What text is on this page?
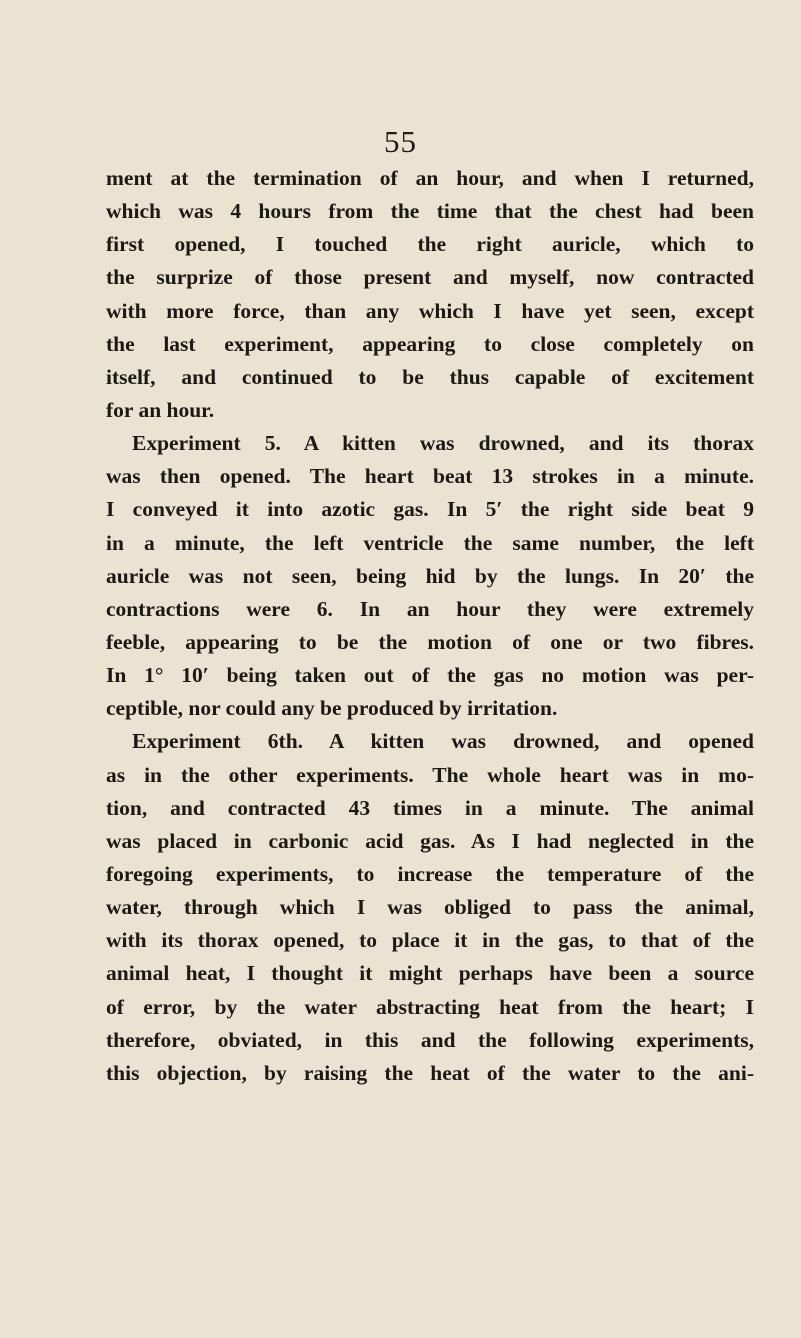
55
ment at the termination of an hour, and when I returned,
which was 4 hours from the time that the chest had been
first opened, I touched the right auricle, which to
the surprize of those present and myself, now contracted
with more force, than any which I have yet seen, except
the last experiment, appearing to close completely on
itself, and continued to be thus capable of excitement
for an hour.
Experiment 5. A kitten was drowned, and its thorax
was then opened. The heart beat 13 strokes in a minute.
I conveyed it into azotic gas. In 5′ the right side beat 9
in a minute, the left ventricle the same number, the left
auricle was not seen, being hid by the lungs. In 20′ the
contractions were 6. In an hour they were extremely
feeble, appearing to be the motion of one or two fibres.
In 1° 10′ being taken out of the gas no motion was per-
ceptible, nor could any be produced by irritation.
Experiment 6th. A kitten was drowned, and opened
as in the other experiments. The whole heart was in mo-
tion, and contracted 43 times in a minute. The animal
was placed in carbonic acid gas. As I had neglected in the
foregoing experiments, to increase the temperature of the
water, through which I was obliged to pass the animal,
with its thorax opened, to place it in the gas, to that of the
animal heat, I thought it might perhaps have been a source
of error, by the water abstracting heat from the heart; I
therefore, obviated, in this and the following experiments,
this objection, by raising the heat of the water to the ani-
